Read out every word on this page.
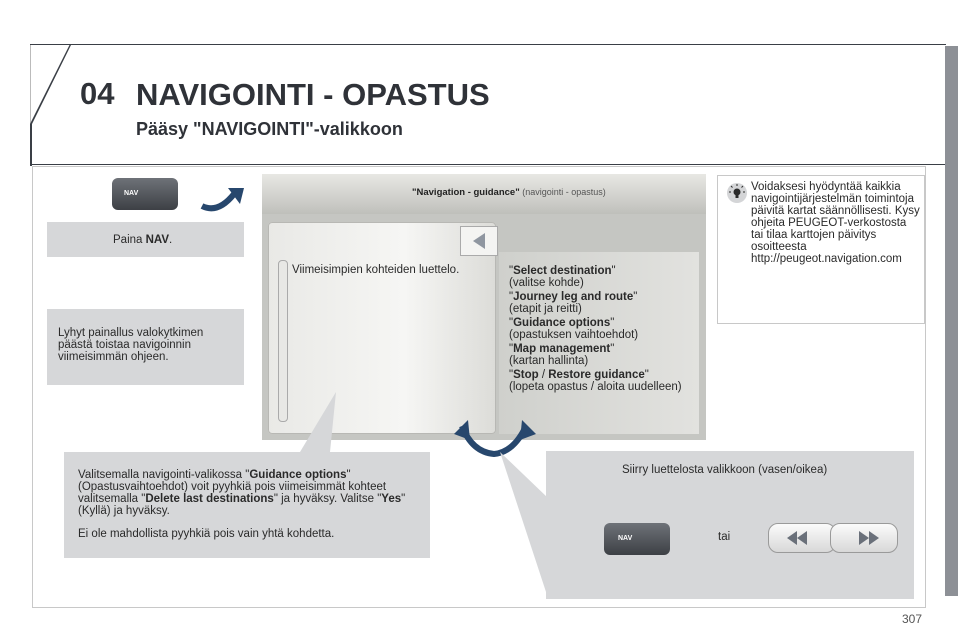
04 NAVIGOINTI - OPASTUS
Pääsy "NAVIGOINTI"-valikkoon
NAV
Paina NAV.
Lyhyt painallus valokytkimen päästä toistaa navigoinnin viimeisimmän ohjeen.
"Navigation - guidance" (navigointi - opastus)
Viimeisimpien kohteiden luettelo.	"Select destination"
(valitse kohde)
"Journey leg and route"
(etapit ja reitti)
"Guidance options"
(opastuksen vaihtoehdot)
"Map management"
(kartan hallinta)
"Stop / Restore guidance"
(lopeta opastus / aloita uudelleen)
Voidaksesi hyödyntää kaikkia navigointijärjestelmän toimintoja päivitä kartat säännöllisesti. Kysy ohjeita PEUGEOT-verkostosta tai tilaa karttojen päivitys osoitteesta http://peugeot.navigation.com
Valitsemalla navigointi-valikossa "Guidance options" (Opastusvaihtoehdot) voit pyyhkiä pois viimeisimmät kohteet valitsemalla "Delete last destinations" ja hyväksy. Valitse "Yes" (Kyllä) ja hyväksy.
Ei ole mahdollista pyyhkiä pois vain yhtä kohdetta.
Siirry luettelosta valikkoon (vasen/oikea)
NAV	tai
307
